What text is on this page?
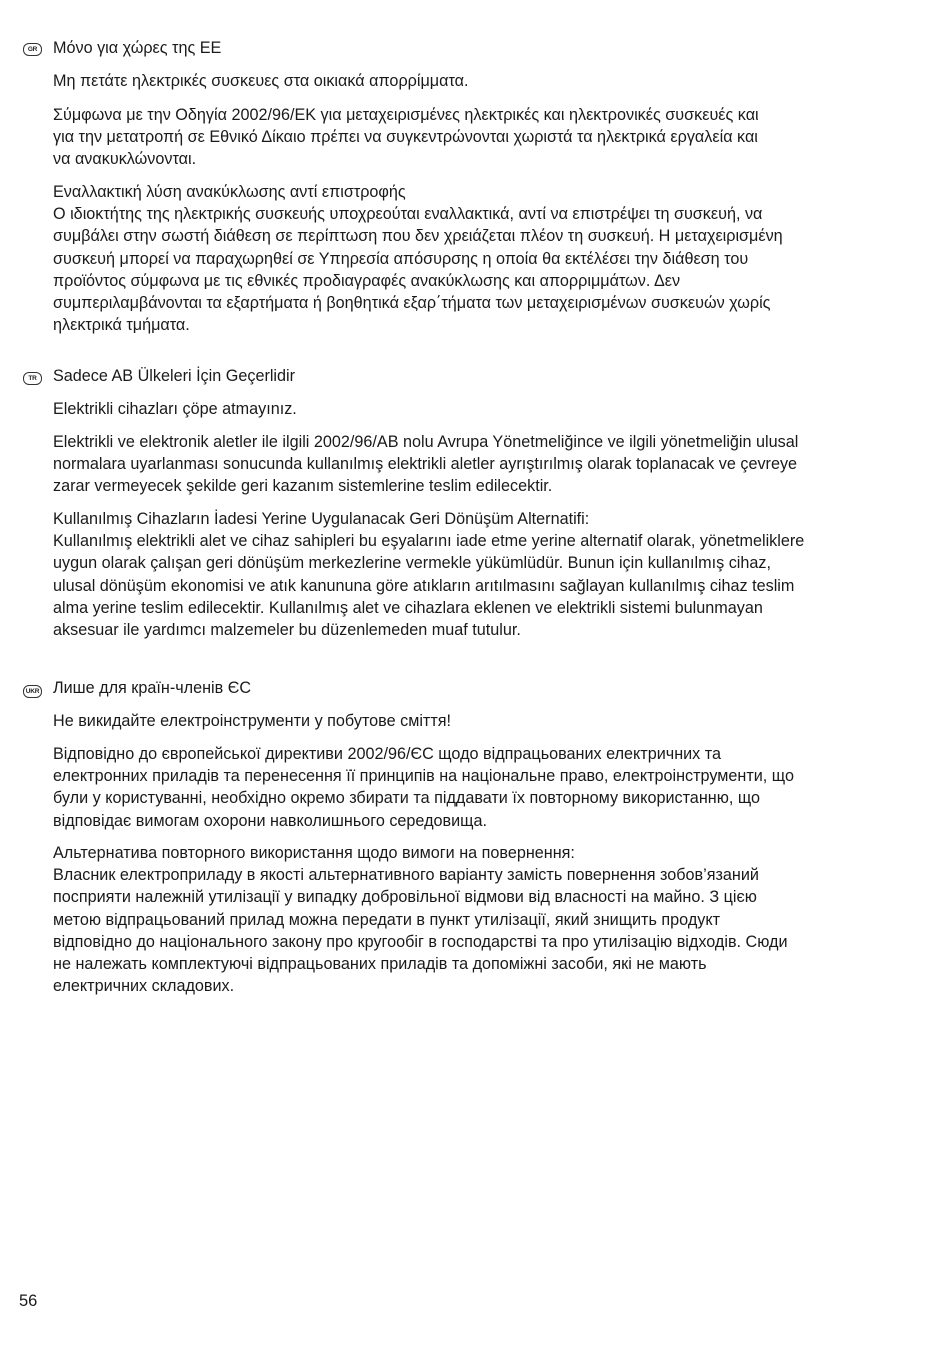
GR Μόνο για χώρες της ΕΕ
Μη πετάτε ηλεκτρικές συσκευες στα οικιακά απορρίμματα.
Σύμφωνα με την Οδηγία 2002/96/ΕΚ για μεταχειρισμένες ηλεκτρικές και ηλεκτρονικές συσκευές και
για την μετατροπή σε Εθνικό Δίκαιο πρέπει να συγκεντρώνονται χωριστά τα ηλεκτρικά εργαλεία και
να ανακυκλώνονται.
Εναλλακτική λύση ανακύκλωσης αντί επιστροφής
Ο ιδιοκτήτης της ηλεκτρικής συσκευής υποχρεούται εναλλακτικά, αντί να επιστρέψει τη συσκευή, να
συμβάλει στην σωστή διάθεση σε περίπτωση που δεν χρειάζεται πλέον τη συσκευή. Η μεταχειρισμένη
συσκευή μπορεί να παραχωρηθεί σε Υπηρεσία απόσυρσης η οποία θα εκτέλέσει την διάθεση του
προϊόντος σύμφωνα με τις εθνικές προδιαγραφές ανακύκλωσης και απορριμμάτων. Δεν
συμπεριλαμβάνονται τα εξαρτήματα ή βοηθητικά εξαρ΄τήματα των μεταχειρισμένων συσκευών χωρίς
ηλεκτρικά τμήματα.
TR	Sadece AB Ülkeleri İçin Geçerlidir
Elektrikli cihazları çöpe atmayınız.
Elektrikli ve elektronik aletler ile ilgili 2002/96/AB nolu Avrupa Yönetmeliğince ve ilgili yönetmeliğin ulusal
normalara uyarlanması sonucunda kullanılmış elektrikli aletler ayrıştırılmış olarak toplanacak ve çevreye
zarar vermeyecek şekilde geri kazanım sistemlerine teslim edilecektir.
Kullanılmış Cihazların İadesi Yerine Uygulanacak Geri Dönüşüm Alternatifi:
Kullanılmış elektrikli alet ve cihaz sahipleri bu eşyalarını iade etme yerine alternatif olarak, yönetmeliklere
uygun olarak çalışan geri dönüşüm merkezlerine vermekle yükümlüdür. Bunun için kullanılmış cihaz,
ulusal dönüşüm ekonomisi ve atık kanununa göre atıkların arıtılmasını sağlayan kullanılmış cihaz teslim
alma yerine teslim edilecektir. Kullanılmış alet ve cihazlara eklenen ve elektrikli sistemi bulunmayan
aksesuar ile yardımcı malzemeler bu düzenlemeden muaf tutulur.
UKR Лише для країн-членів ЄС
Не викидайте електроінструменти у побутове сміття!
Відповідно до європейської директиви 2002/96/ЄС щодо відпрацьованих електричних та
електронних приладів та перенесення її принципів на національне право, електроінструменти, що
були у користуванні, необхідно окремо збирати та піддавати їх повторному використанню, що
відповідає вимогам охорони навколишнього середовища.
Альтернатива повторного використання щодо вимоги на повернення:
Власник електроприладу в якості альтернативного варіанту замість повернення зобов’язаний
посприяти належній утилізації у випадку добровільної відмови від власності на майно. З цією
метою відпрацьований прилад можна передати в пункт утилізації, який знищить продукт
відповідно до національного закону про кругообіг в господарстві та про утилізацію відходів. Сюди
не належать комплектуючі відпрацьованих приладів та допоміжні засоби, які не мають
електричних складових.
56
